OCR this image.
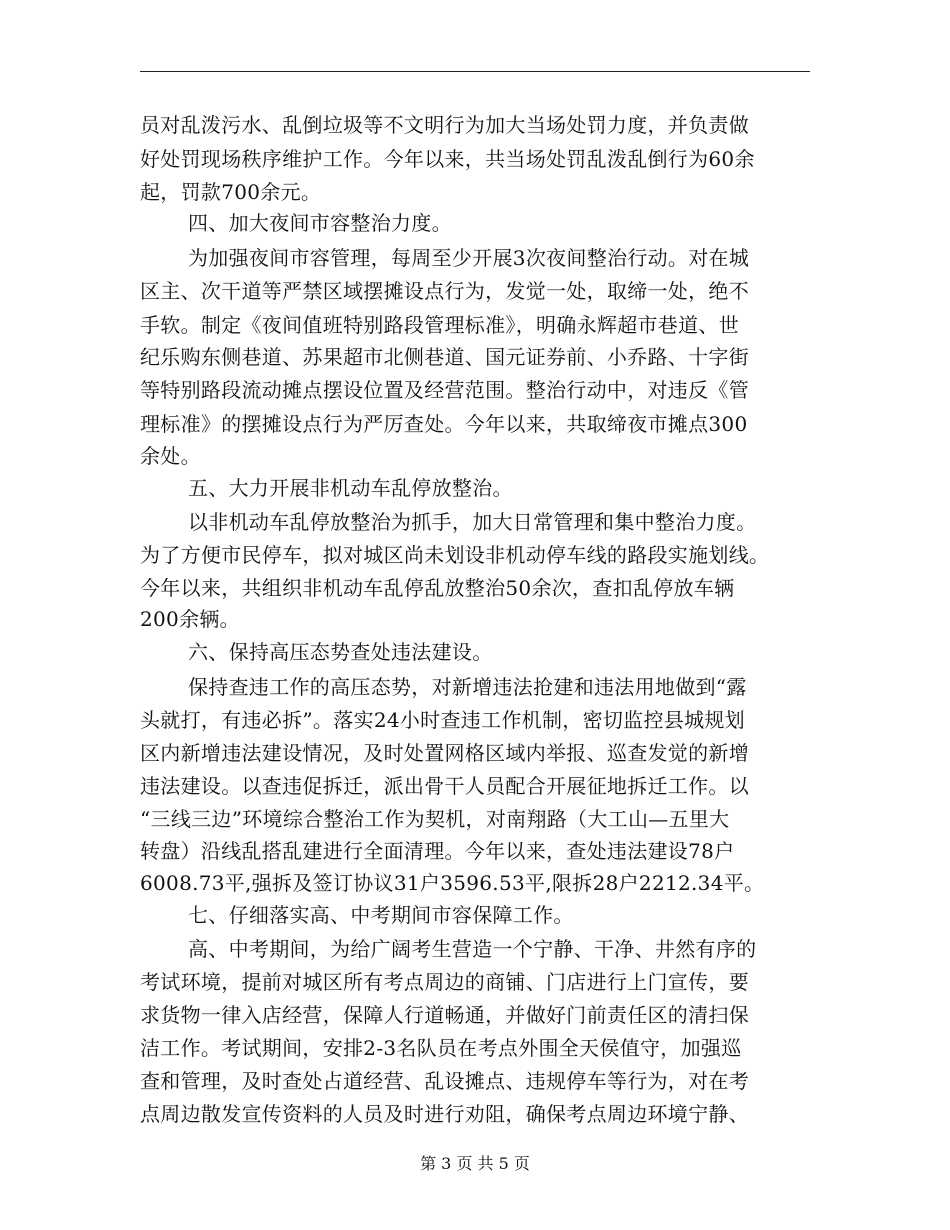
员对乱泼污水、乱倒垃圾等不文明行为加大当场处罚力度，并负责做
好处罚现场秩序维护工作。今年以来，共当场处罚乱泼乱倒行为60余
起，罚款700余元。
四、加大夜间市容整治力度。
为加强夜间市容管理，每周至少开展3次夜间整治行动。对在城
区主、次干道等严禁区域摆摊设点行为，发觉一处，取缔一处，绝不
手软。制定《夜间值班特别路段管理标准》，明确永辉超市巷道、世
纪乐购东侧巷道、苏果超市北侧巷道、国元证券前、小乔路、十字街
等特别路段流动摊点摆设位置及经营范围。整治行动中，对违反《管
理标准》的摆摊设点行为严厉查处。今年以来，共取缔夜市摊点300
余处。
五、大力开展非机动车乱停放整治。
以非机动车乱停放整治为抓手，加大日常管理和集中整治力度。
为了方便市民停车，拟对城区尚未划设非机动停车线的路段实施划线。
今年以来，共组织非机动车乱停乱放整治50余次，查扣乱停放车辆
200余辆。
六、保持高压态势查处违法建设。
保持查违工作的高压态势，对新增违法抢建和违法用地做到“露
头就打，有违必拆”。落实24小时查违工作机制，密切监控县城规划
区内新增违法建设情况，及时处置网格区域内举报、巡查发觉的新增
违法建设。以查违促拆迁，派出骨干人员配合开展征地拆迁工作。以
“三线三边”环境综合整治工作为契机，对南翔路（大工山—五里大
转盘）沿线乱搭乱建进行全面清理。今年以来，查处违法建设78户
6008.73平,强拆及签订协议31户3596.53平,限拆28户2212.34平。
七、仔细落实高、中考期间市容保障工作。
高、中考期间，为给广阔考生营造一个宁静、干净、井然有序的
考试环境，提前对城区所有考点周边的商铺、门店进行上门宣传，要
求货物一律入店经营，保障人行道畅通，并做好门前责任区的清扫保
洁工作。考试期间，安排2-3名队员在考点外围全天侯值守，加强巡
查和管理，及时查处占道经营、乱设摊点、违规停车等行为，对在考
点周边散发宣传资料的人员及时进行劝阻，确保考点周边环境宁静、
第 3 页 共 5 页
